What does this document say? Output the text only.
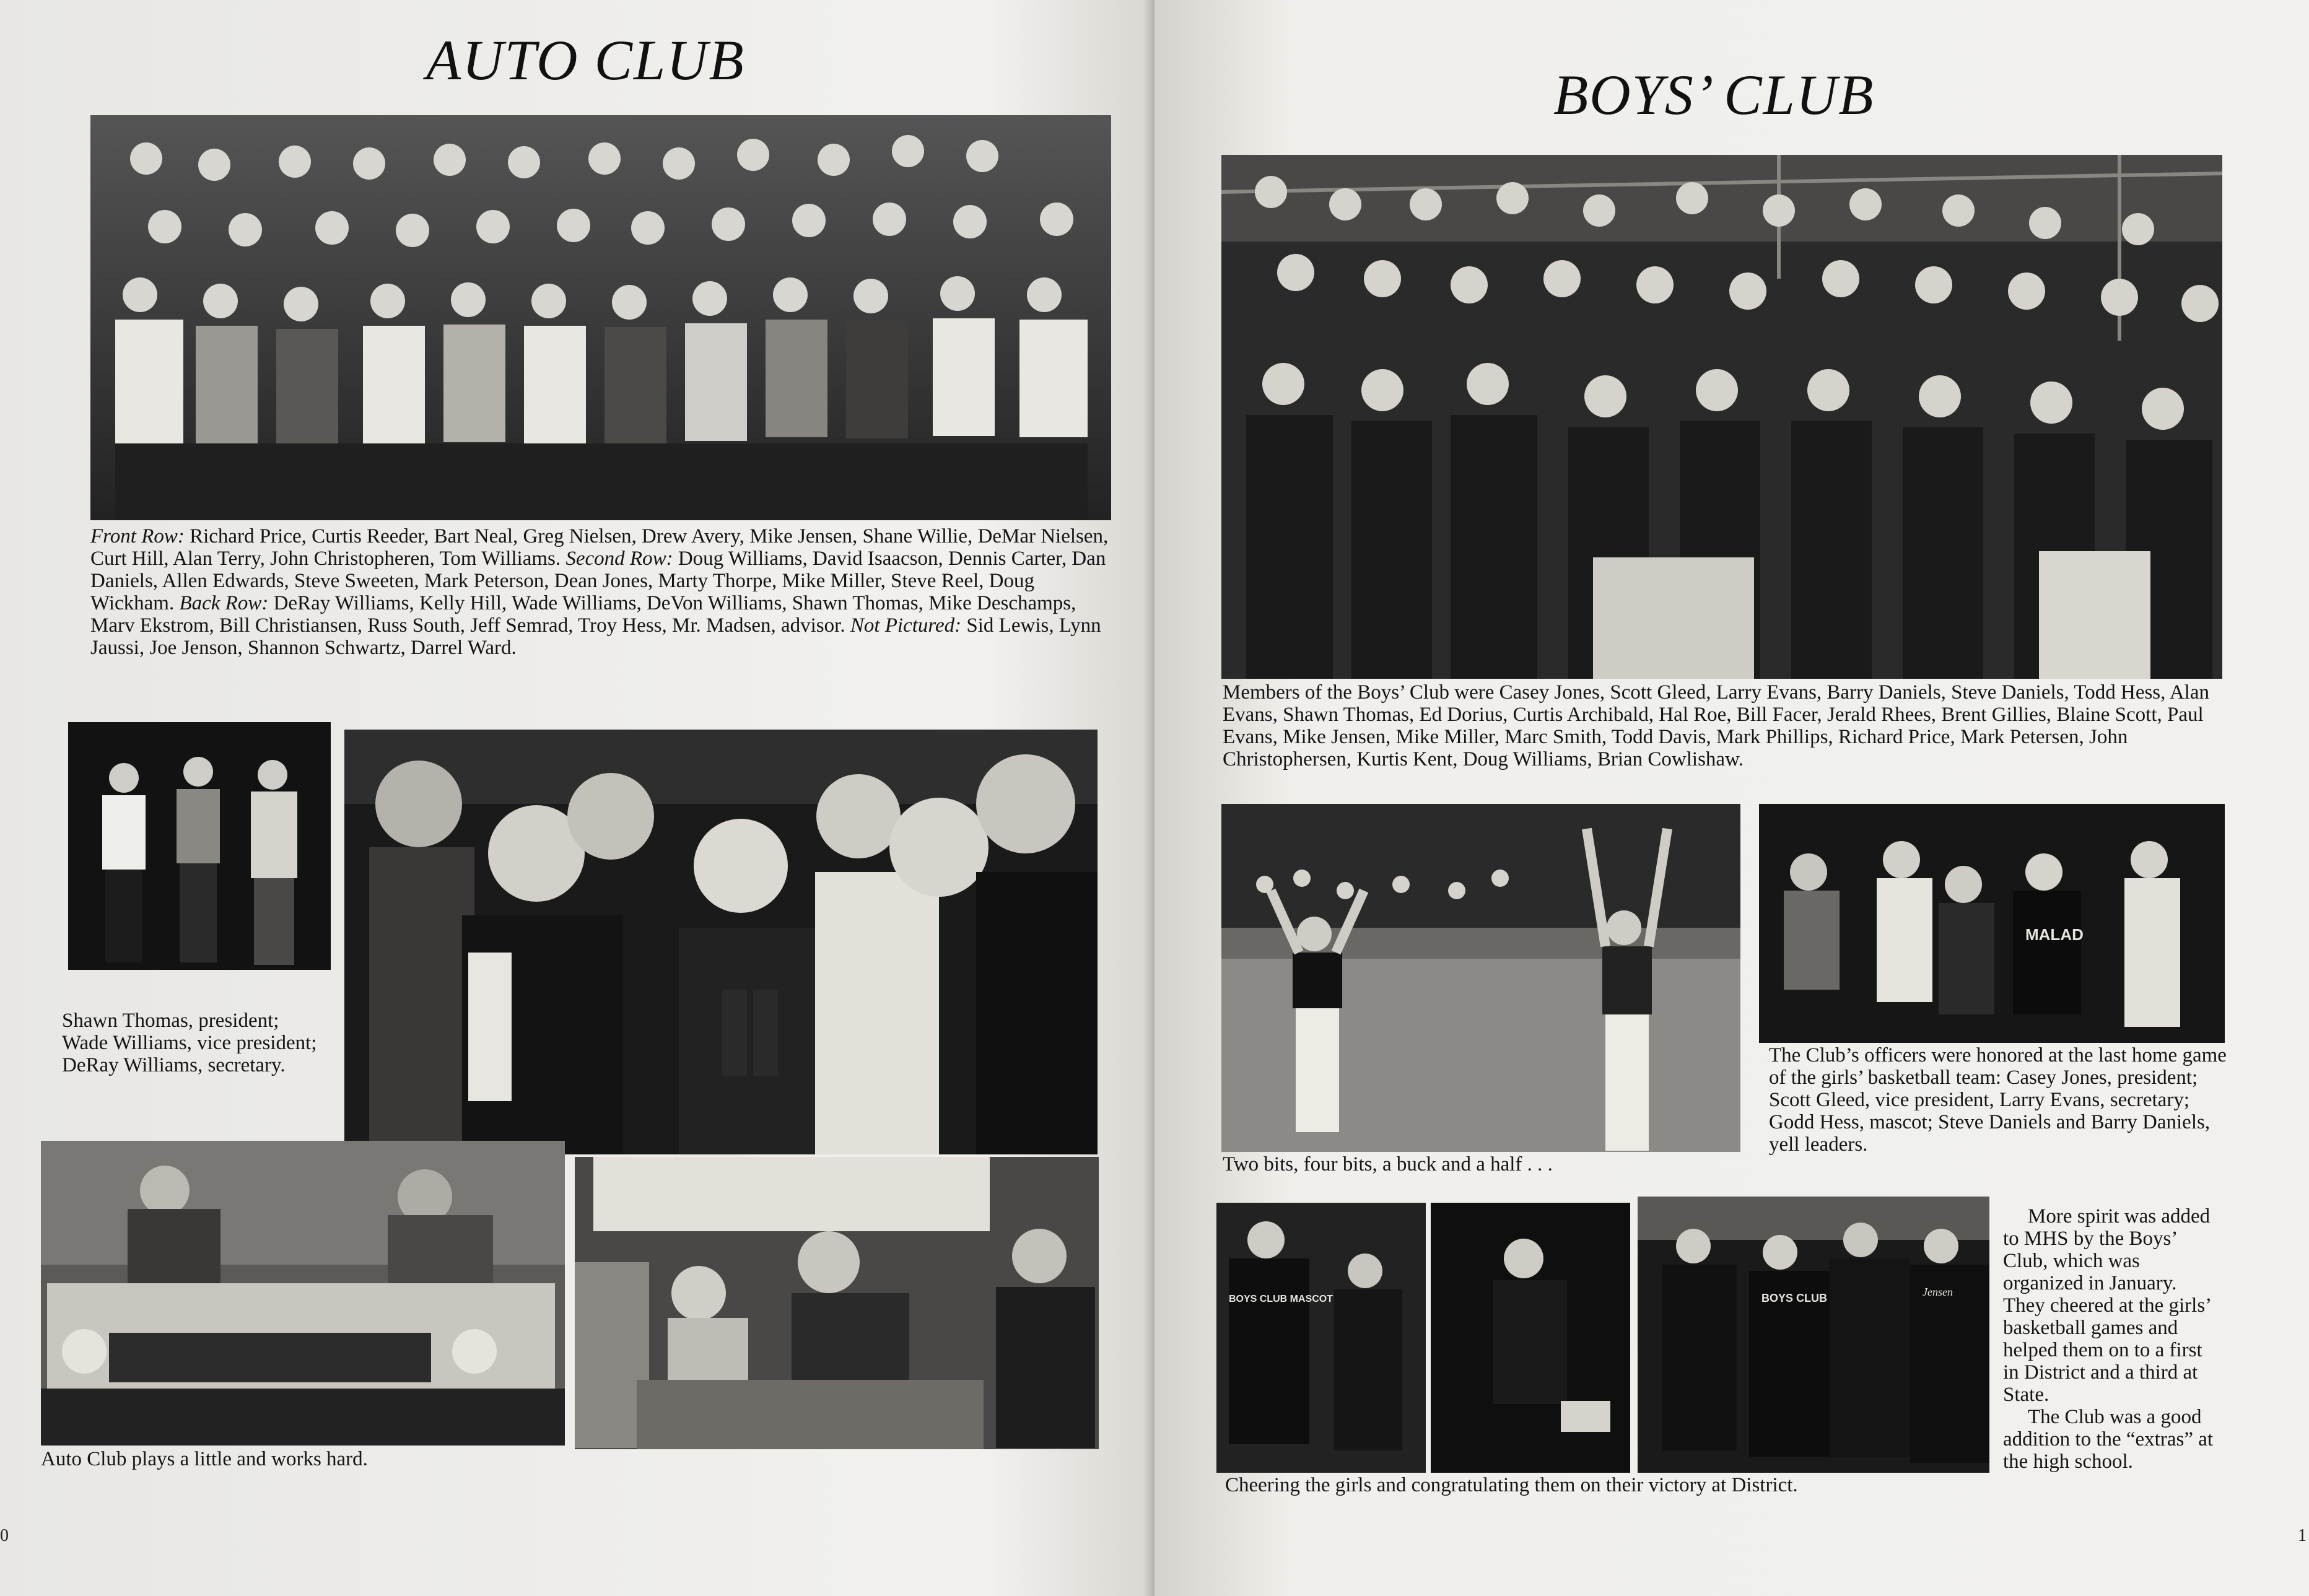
AUTO CLUB
Front Row: Richard Price, Curtis Reeder, Bart Neal, Greg Nielsen, Drew Avery, Mike Jensen, Shane Willie, DeMar Nielsen, Curt Hill, Alan Terry, John Christopheren, Tom Williams. Second Row: Doug Williams, David Isaacson, Dennis Carter, Dan Daniels, Allen Edwards, Steve Sweeten, Mark Peterson, Dean Jones, Marty Thorpe, Mike Miller, Steve Reel, Doug Wickham. Back Row: DeRay Williams, Kelly Hill, Wade Williams, DeVon Williams, Shawn Thomas, Mike Deschamps, Marv Ekstrom, Bill Christiansen, Russ South, Jeff Semrad, Troy Hess, Mr. Madsen, advisor. Not Pictured: Sid Lewis, Lynn Jaussi, Joe Jenson, Shannon Schwartz, Darrel Ward.
Shawn Thomas, president; Wade Williams, vice president; DeRay Williams, secretary.
Auto Club plays a little and works hard.
0
BOYS’ CLUB
Members of the Boys’ Club were Casey Jones, Scott Gleed, Larry Evans, Barry Daniels, Steve Daniels, Todd Hess, Alan Evans, Shawn Thomas, Ed Dorius, Curtis Archibald, Hal Roe, Bill Facer, Jerald Rhees, Brent Gillies, Blaine Scott, Paul Evans, Mike Jensen, Mike Miller, Marc Smith, Todd Davis, Mark Phillips, Richard Price, Mark Petersen, John Christophersen, Kurtis Kent, Doug Williams, Brian Cowlishaw.
Two bits, four bits, a buck and a half . . .
MALAD
The Club’s officers were honored at the last home game of the girls’ basketball team: Casey Jones, president; Scott Gleed, vice president, Larry Evans, secretary; Godd Hess, mascot; Steve Daniels and Barry Daniels, yell leaders.
BOYS CLUB MASCOT	BOYS CLUB	Jensen
Cheering the girls and congratulating them on their victory at District.

More spirit was added to MHS by the Boys’ Club, which was organized in January. They cheered at the girls’ basketball games and helped them on to a first in District and a third at State.

The Club was a good addition to the “extras” at the high school.

1
